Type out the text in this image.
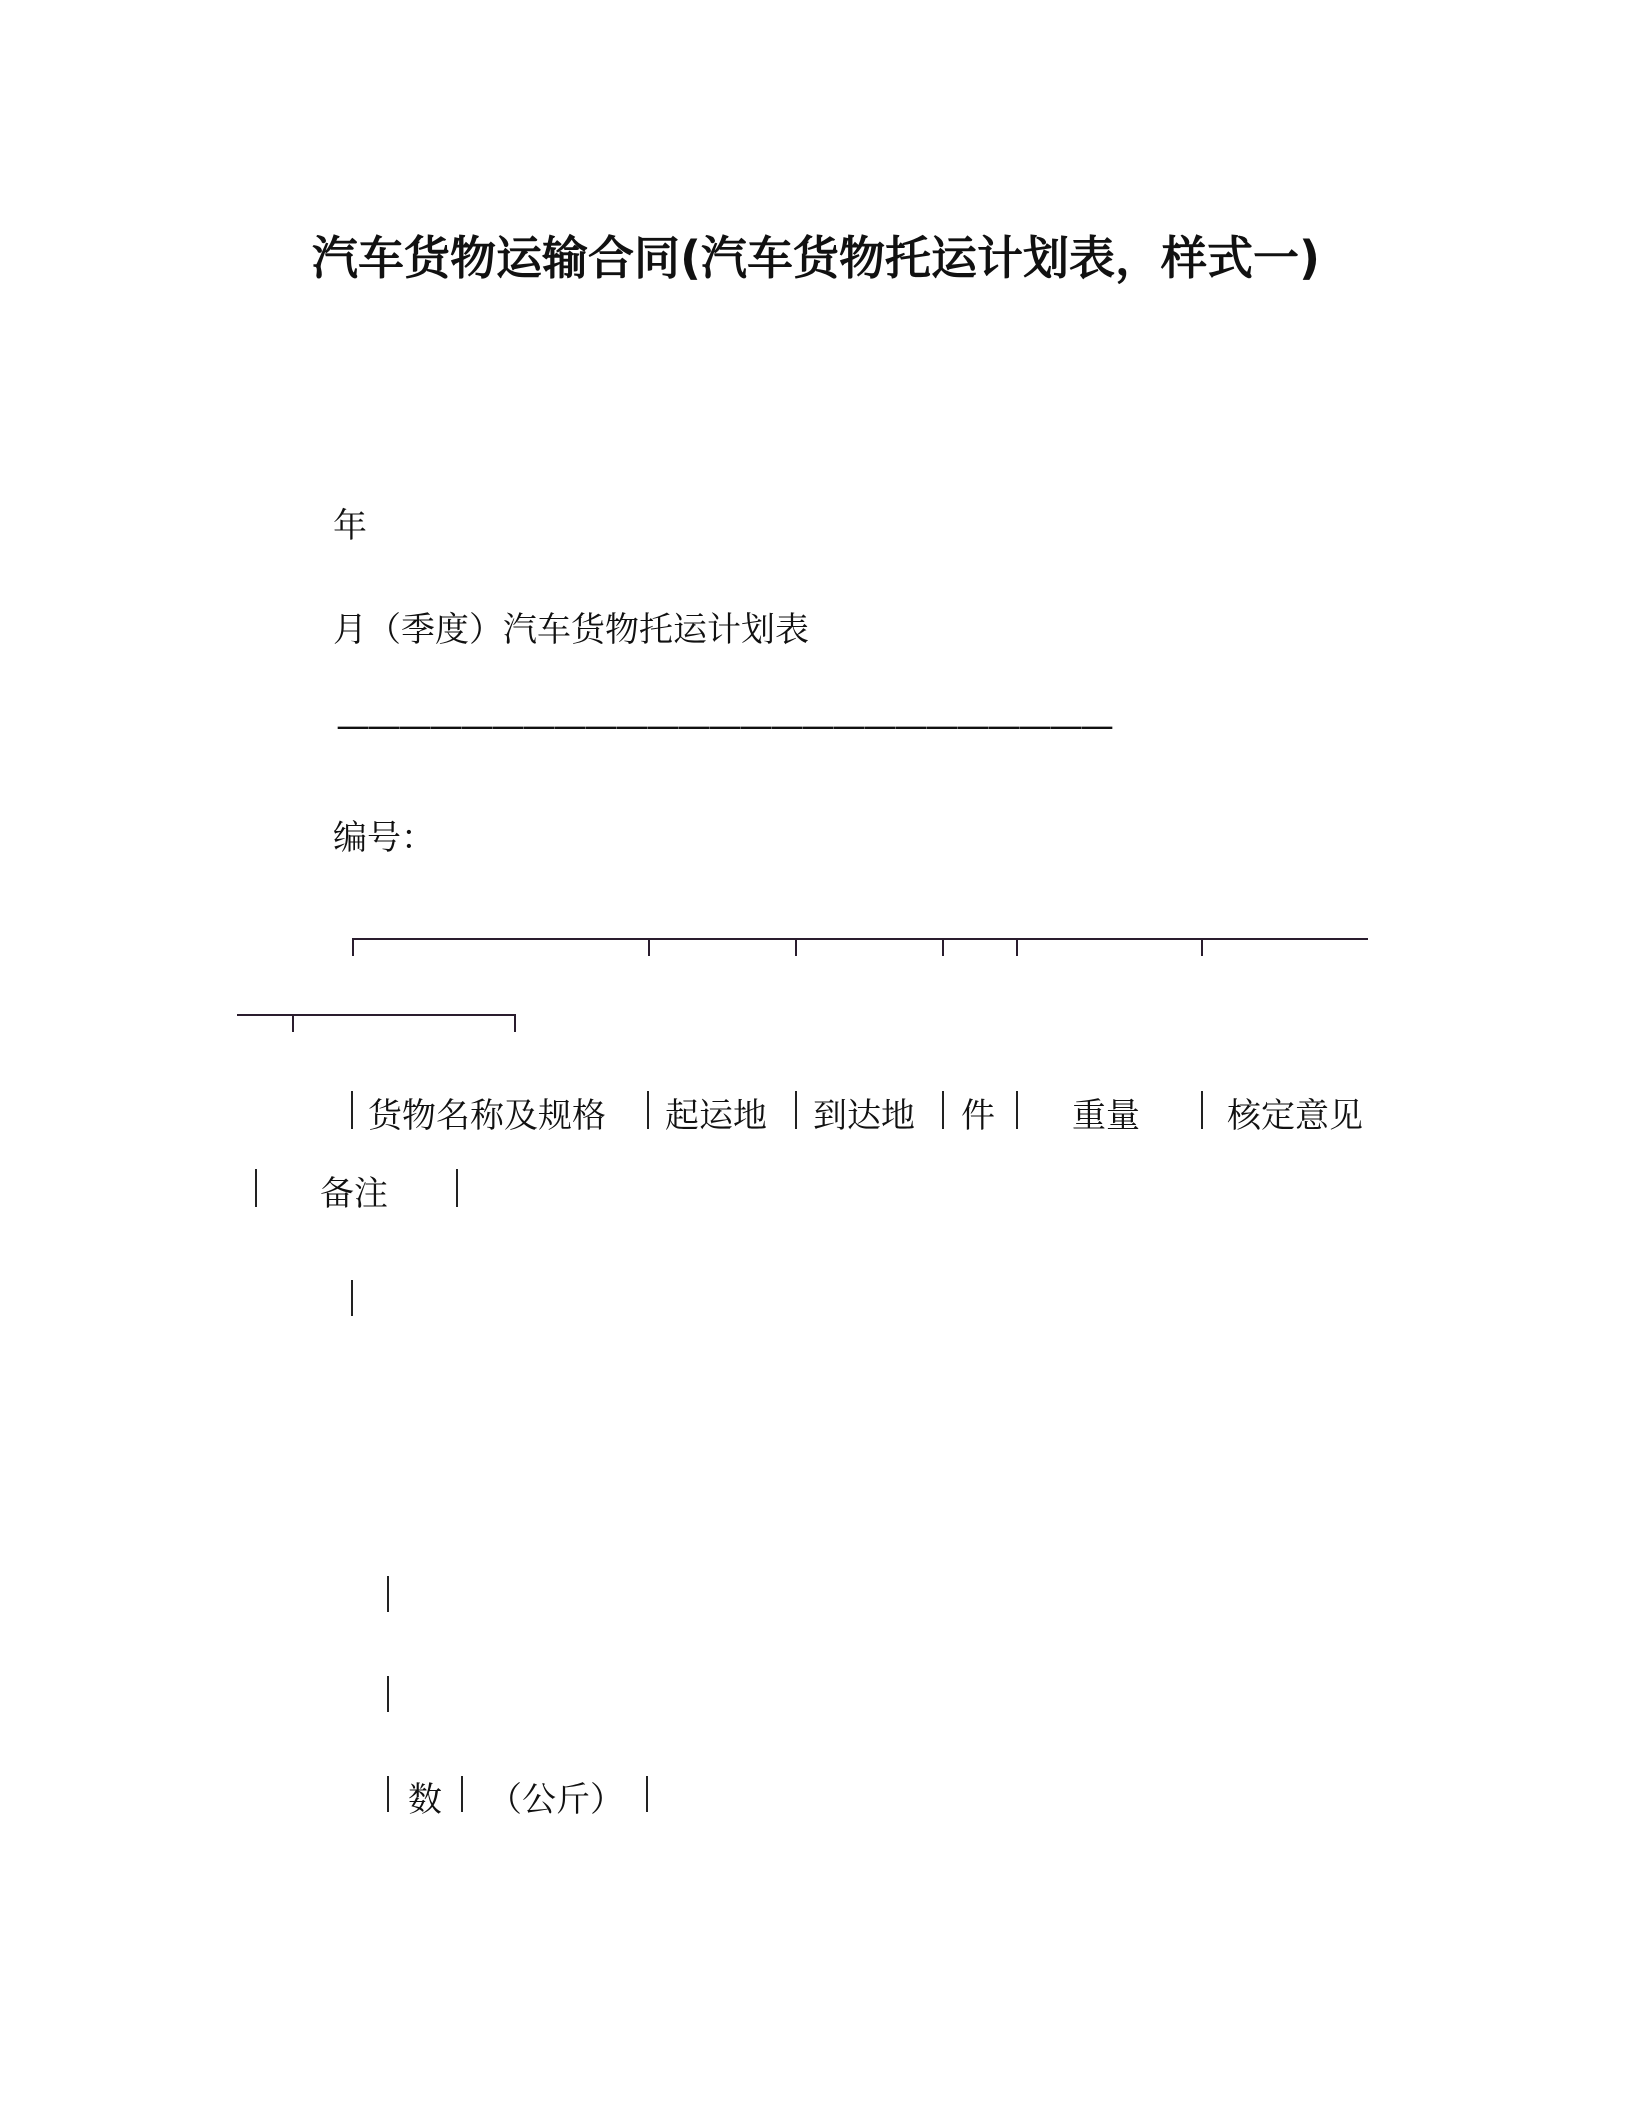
汽车货物运输合同(汽车货物托运计划表，样式一)
年
月（季度）汽车货物托运计划表
—————————————————————————
编号：
货物名称及规格 起运地 到达地 件 重量	核定意见
备注
数 （公斤）
